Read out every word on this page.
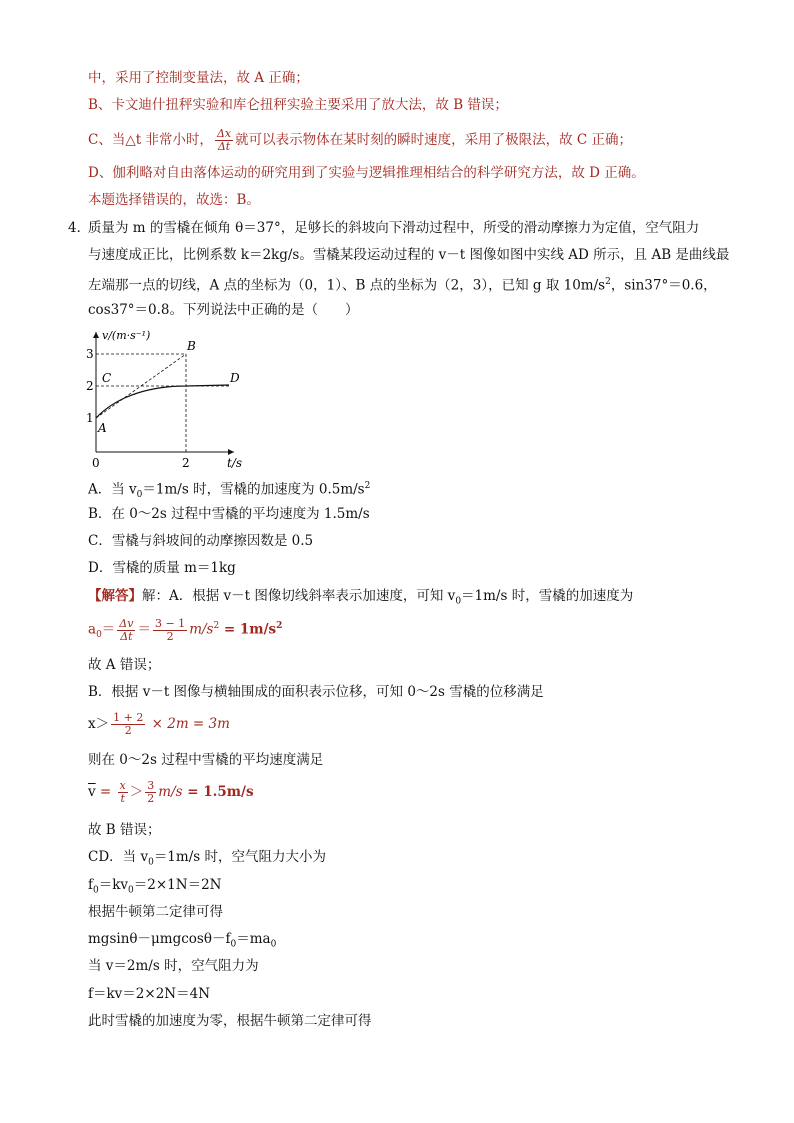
中，采用了控制变量法，故 A 正确；
B、卡文迪什扭秤实验和库仑扭秤实验主要采用了放大法，故 B 错误；
C、当△t 非常小时， $\frac{\Delta x}{\Delta t}$ 就可以表示物体在某时刻的瞬时速度，采用了极限法，故 C 正确；
D、伽利略对自由落体运动的研究用到了实验与逻辑推理相结合的科学研究方法，故 D 正确。
本题选择错误的，故选：B。
4．
质量为 m 的雪橇在倾角 θ＝37°，足够长的斜坡向下滑动过程中，所受的滑动摩擦力为定值，空气阻力
与速度成正比，比例系数 k＝2kg/s。雪橇某段运动过程的 v－t 图像如图中实线 AD 所示，且 AB 是曲线最
左端那一点的切线，A 点的坐标为（0，1）、B 点的坐标为（2，3），已知 g 取 $10m/s^2$，sin37°＝0.6，
cos37°＝0.8。下列说法中正确的是（　　）
v/(m·s⁻¹)
3
2
1
0	2	t/s
B
C	D
A
A．当 $v_0=1m/s$ 时，雪橇的加速度为 $0.5m/s^2$
B．在 0～2s 过程中雪橇的平均速度为 1.5m/s
C．雪橇与斜坡间的动摩擦因数是 0.5
D．雪橇的质量 m＝1kg
【解答】解：A．根据 v－t 图像切线斜率表示加速度，可知 $v_0=1m/s$ 时，雪橇的加速度为
$a_0= \frac{\Delta v}{\Delta t} = \frac{3 - 1}{2} m/s^2 = 1m/s^2$
故 A 错误；
B．根据 v－t 图像与横轴围成的面积表示位移，可知 0～2s 雪橇的位移满足
$x> \frac{1 + 2}{2} \times 2m = 3m$
则在 0～2s 过程中雪橇的平均速度满足
$\overline{v} = \frac{x}{t} > \frac{3}{2} m/s = 1.5m/s$
故 B 错误；
CD．当 $v_0=1m/s$ 时，空气阻力大小为
$f_0=kv_0=2\times 1N=2N$
根据牛顿第二定律可得
$mgsin\theta-\mu mgcos\theta-f_0=ma_0$
当 v＝2m/s 时，空气阻力为
f＝kv＝2×2N＝4N
此时雪橇的加速度为零，根据牛顿第二定律可得
